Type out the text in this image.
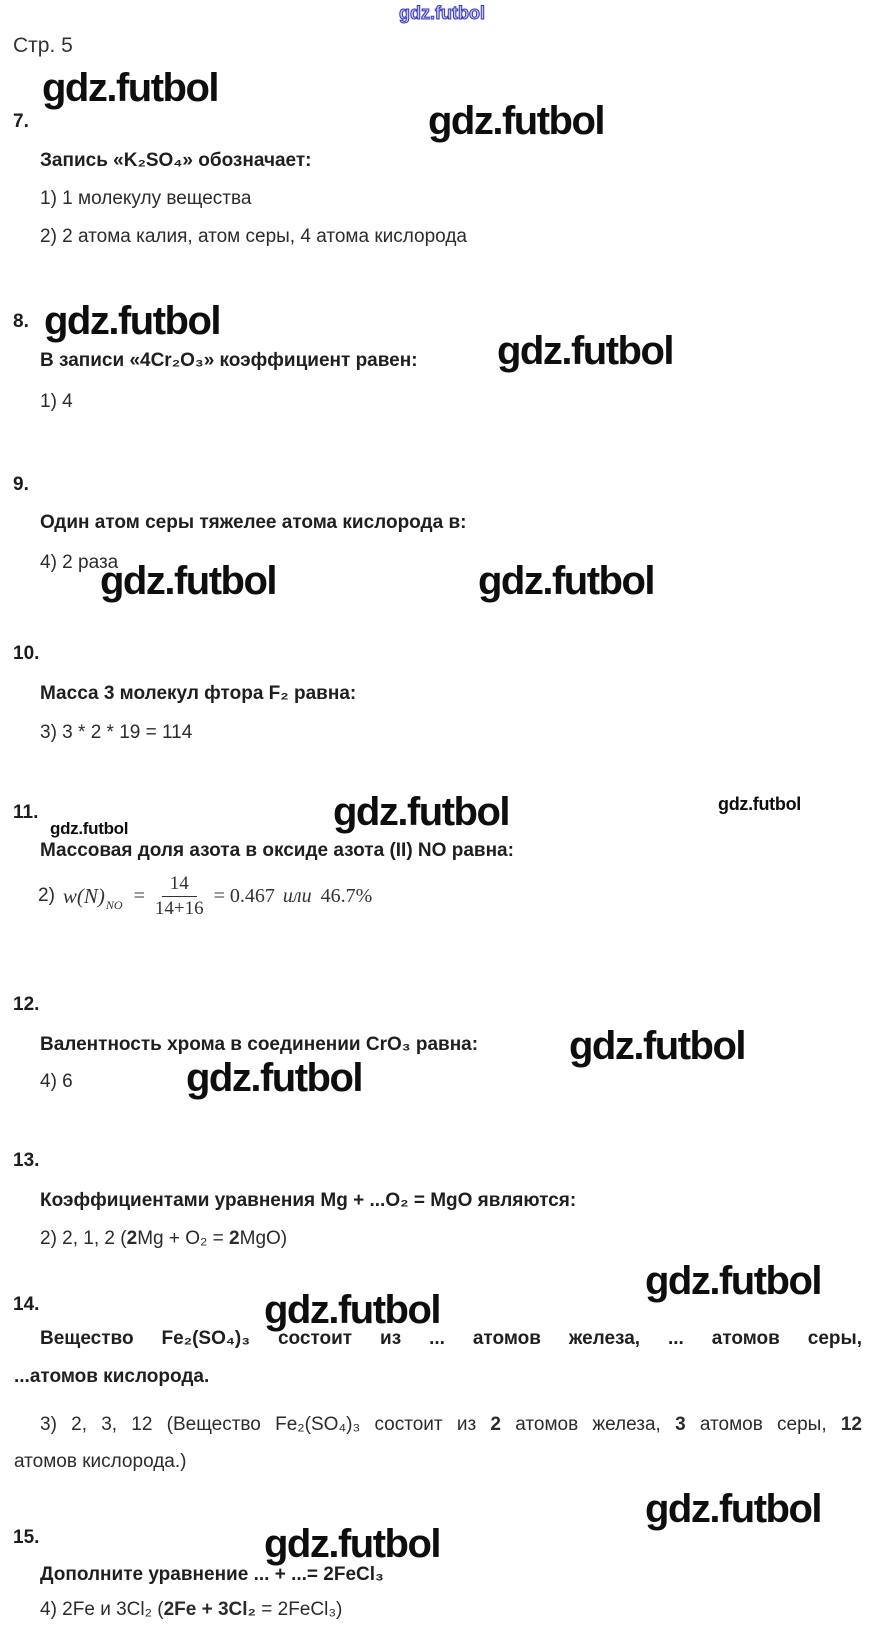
gdz.futbol
Стр. 5
gdz.futbol
7.	gdz.futbol
Запись «K₂SO₄» обозначает:
1) 1 молекулу вещества
2) 2 атома калия, атом серы, 4 атома кислорода
8. gdz.futbol
В записи «4Cr₂O₃» коэффициент равен: gdz.futbol
1) 4
9.
Один атом серы тяжелее атома кислорода в:
4) 2 раза
gdz.futbol	gdz.futbol
10.
Масса 3 молекул фтора F₂ равна:
3) 3 * 2 * 19 = 114
11.
gdz.futbol	gdz.futbol	gdz.futbol
Массовая доля азота в оксиде азота (II) NO равна:
2) w(N) NO = $\frac{14}{14+16} = 0.467$ или 46.7%
12.
Валентность хрома в соединении CrO₃ равна: gdz.futbol
4) 6	gdz.futbol
13.
Коэффициентами уравнения Mg + ...O₂ = MgO являются:
2) 2, 1, 2 (2Mg + O₂ = 2MgO)
gdz.futbol
14.	gdz.futbol
Вещество Fe₂(SO₄)₃ состоит из ... атомов железа, ... атомов серы,
...атомов кислорода.
3) 2, 3, 12 (Вещество Fe₂(SO₄)₃ состоит из 2 атомов железа, 3 атомов серы, 12
атомов кислорода.)
gdz.futbol
15.	gdz.futbol
Дополните уравнение ... + ...= 2FeCl₃
4) 2Fe и 3Cl₂ (2Fe + 3Cl₂ = 2FeCl₃)
